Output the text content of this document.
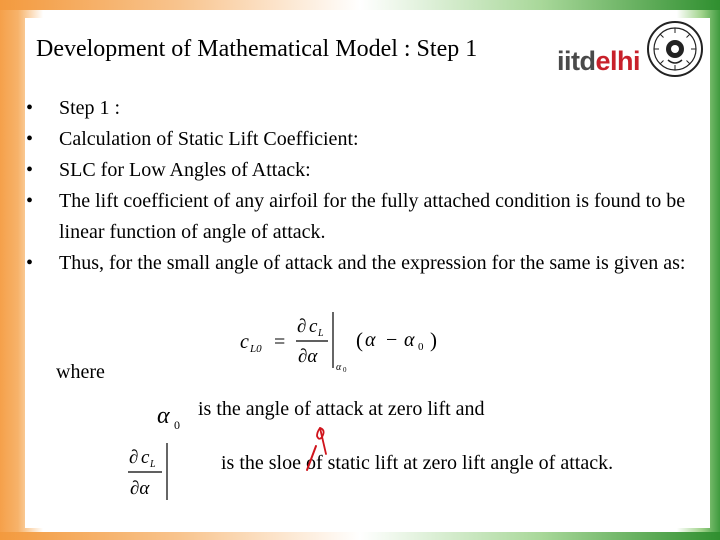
Development of Mathematical Model : Step 1	iitdelhi
• Step 1 :
• Calculation of Static Lift Coefficient:
• SLC for Low Angles of Attack:
• The lift coefficient of any airfoil for the fully attached condition is found to be linear function of angle of attack.
• Thus, for the small angle of attack and the expression for the same is given as:
c L0 =
∂ c L
∂α
α 0
( α − α 0 )
where
α 0
is the angle of attack at zero lift and
∂ c L
∂α
is the sloe of static lift at zero lift angle of attack.
